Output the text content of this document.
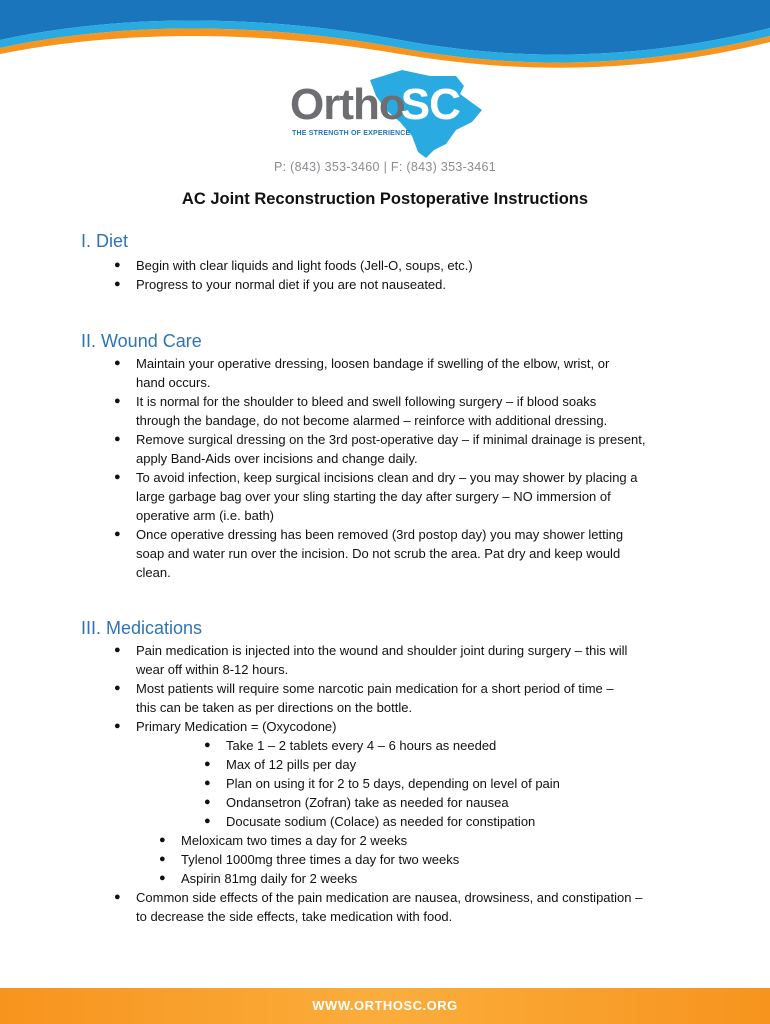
OrthoSC
THE STRENGTH OF EXPERIENCE
P: (843) 353-3460 | F: (843) 353-3461
AC Joint Reconstruction Postoperative Instructions
I. Diet
● Begin with clear liquids and light foods (Jell-O, soups, etc.)
● Progress to your normal diet if you are not nauseated.
II. Wound Care
● Maintain your operative dressing, loosen bandage if swelling of the elbow, wrist, or
hand occurs.
● It is normal for the shoulder to bleed and swell following surgery – if blood soaks
through the bandage, do not become alarmed – reinforce with additional dressing.
● Remove surgical dressing on the 3rd post-operative day – if minimal drainage is present,
apply Band-Aids over incisions and change daily.
● To avoid infection, keep surgical incisions clean and dry – you may shower by placing a
large garbage bag over your sling starting the day after surgery – NO immersion of
operative arm (i.e. bath)
● Once operative dressing has been removed (3rd postop day) you may shower letting
soap and water run over the incision. Do not scrub the area. Pat dry and keep would
clean.
III. Medications
● Pain medication is injected into the wound and shoulder joint during surgery – this will
wear off within 8-12 hours.
● Most patients will require some narcotic pain medication for a short period of time –
this can be taken as per directions on the bottle.
● Primary Medication = (Oxycodone)
● Take 1 – 2 tablets every 4 – 6 hours as needed
● Max of 12 pills per day
● Plan on using it for 2 to 5 days, depending on level of pain
● Ondansetron (Zofran) take as needed for nausea
● Docusate sodium (Colace) as needed for constipation
● Meloxicam two times a day for 2 weeks
● Tylenol 1000mg three times a day for two weeks
● Aspirin 81mg daily for 2 weeks
● Common side effects of the pain medication are nausea, drowsiness, and constipation –
to decrease the side effects, take medication with food.
WWW.ORTHOSC.ORG
